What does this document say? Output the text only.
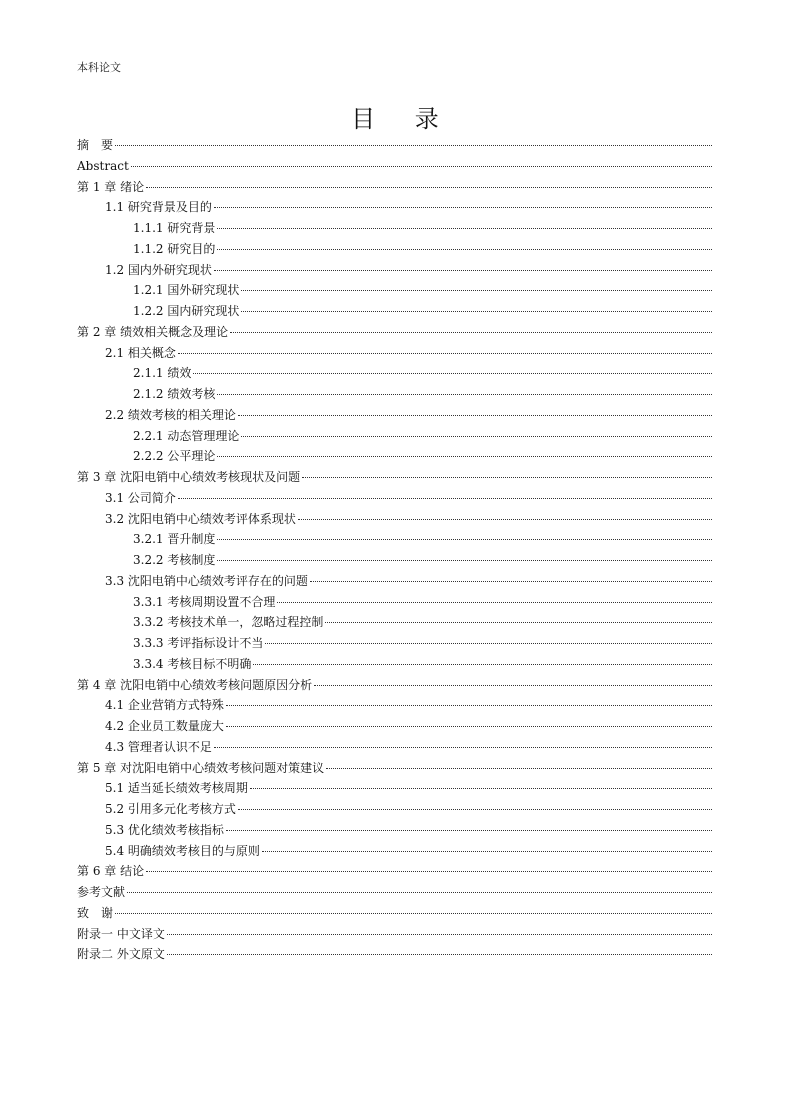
本科论文
目 录
摘　要
Abstract
第 1 章 绪论
1.1 研究背景及目的
1.1.1 研究背景
1.1.2 研究目的
1.2 国内外研究现状
1.2.1 国外研究现状
1.2.2 国内研究现状
第 2 章 绩效相关概念及理论
2.1 相关概念
2.1.1 绩效
2.1.2 绩效考核
2.2 绩效考核的相关理论
2.2.1 动态管理理论
2.2.2 公平理论
第 3 章 沈阳电销中心绩效考核现状及问题
3.1 公司简介
3.2 沈阳电销中心绩效考评体系现状
3.2.1 晋升制度
3.2.2 考核制度
3.3 沈阳电销中心绩效考评存在的问题
3.3.1 考核周期设置不合理
3.3.2 考核技术单一，忽略过程控制
3.3.3 考评指标设计不当
3.3.4 考核目标不明确
第 4 章 沈阳电销中心绩效考核问题原因分析
4.1 企业营销方式特殊
4.2 企业员工数量庞大
4.3 管理者认识不足
第 5 章 对沈阳电销中心绩效考核问题对策建议
5.1 适当延长绩效考核周期
5.2 引用多元化考核方式
5.3 优化绩效考核指标
5.4 明确绩效考核目的与原则
第 6 章 结论
参考文献
致　谢
附录一 中文译文
附录二 外文原文
